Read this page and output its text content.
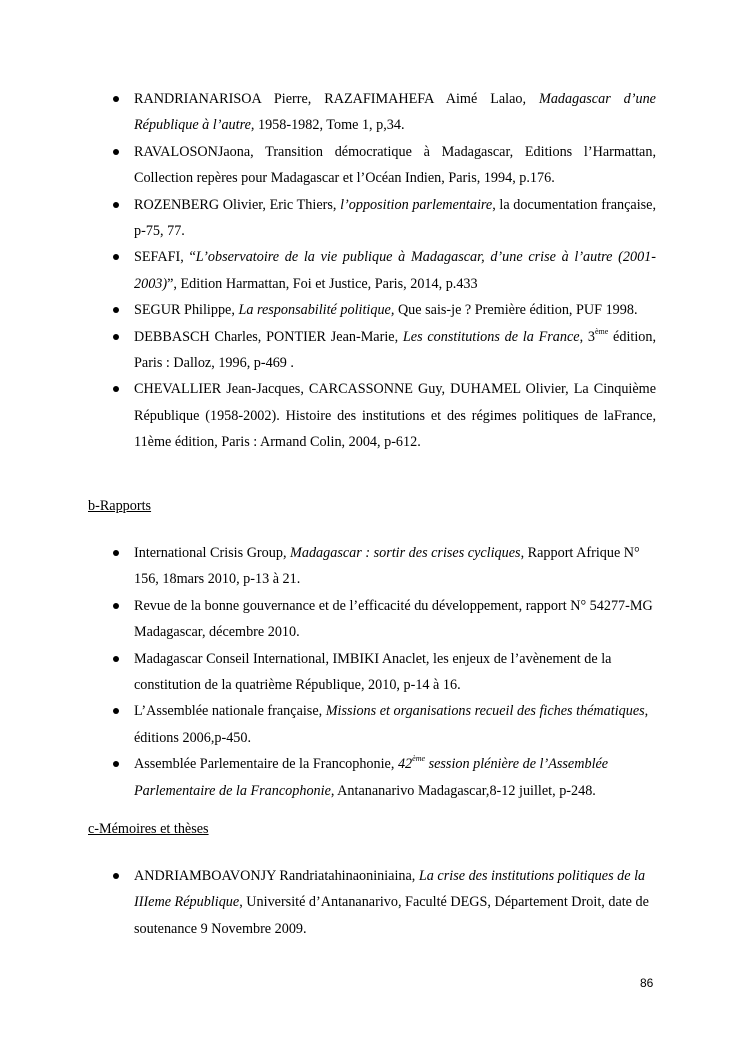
RANDRIANARISOA Pierre, RAZAFIMAHEFA Aimé Lalao, Madagascar d’une République à l’autre, 1958-1982, Tome 1, p,34.
RAVALOSONJaona, Transition démocratique à Madagascar, Editions l’Harmattan, Collection repères pour Madagascar et l’Océan Indien, Paris, 1994, p.176.
ROZENBERG Olivier, Eric Thiers, l’opposition parlementaire, la documentation française, p-75, 77.
SEFAFI, “L’observatoire de la vie publique à Madagascar, d’une crise à l’autre (2001-2003)”, Edition Harmattan, Foi et Justice, Paris, 2014, p.433
SEGUR Philippe, La responsabilité politique, Que sais-je ? Première édition, PUF 1998.
DEBBASCH Charles, PONTIER Jean-Marie, Les constitutions de la France, 3ème édition, Paris : Dalloz, 1996, p-469 .
CHEVALLIER Jean-Jacques, CARCASSONNE Guy, DUHAMEL Olivier, La Cinquième République (1958-2002). Histoire des institutions et des régimes politiques de laFrance, 11ème édition, Paris : Armand Colin, 2004, p-612.
b-Rapports
International Crisis Group, Madagascar : sortir des crises cycliques, Rapport Afrique N° 156, 18mars 2010, p-13 à 21.
Revue de la bonne gouvernance et de l’efficacité du développement, rapport N° 54277-MG Madagascar, décembre 2010.
Madagascar Conseil International, IMBIKI Anaclet, les enjeux de l’avènement de la constitution de la quatrième République, 2010, p-14 à 16.
L’Assemblée nationale française, Missions et organisations recueil des fiches thématiques, éditions 2006,p-450.
Assemblée Parlementaire de la Francophonie, 42ème session plénière de l’Assemblée Parlementaire de la Francophonie, Antananarivo Madagascar,8-12 juillet, p-248.
c-Mémoires et thèses
ANDRIAMBOAVONJY Randriatahinaoniniaina, La crise des institutions politiques de la IIIeme République, Université d’Antananarivo, Faculté DEGS, Département Droit, date de soutenance 9 Novembre 2009.
86
